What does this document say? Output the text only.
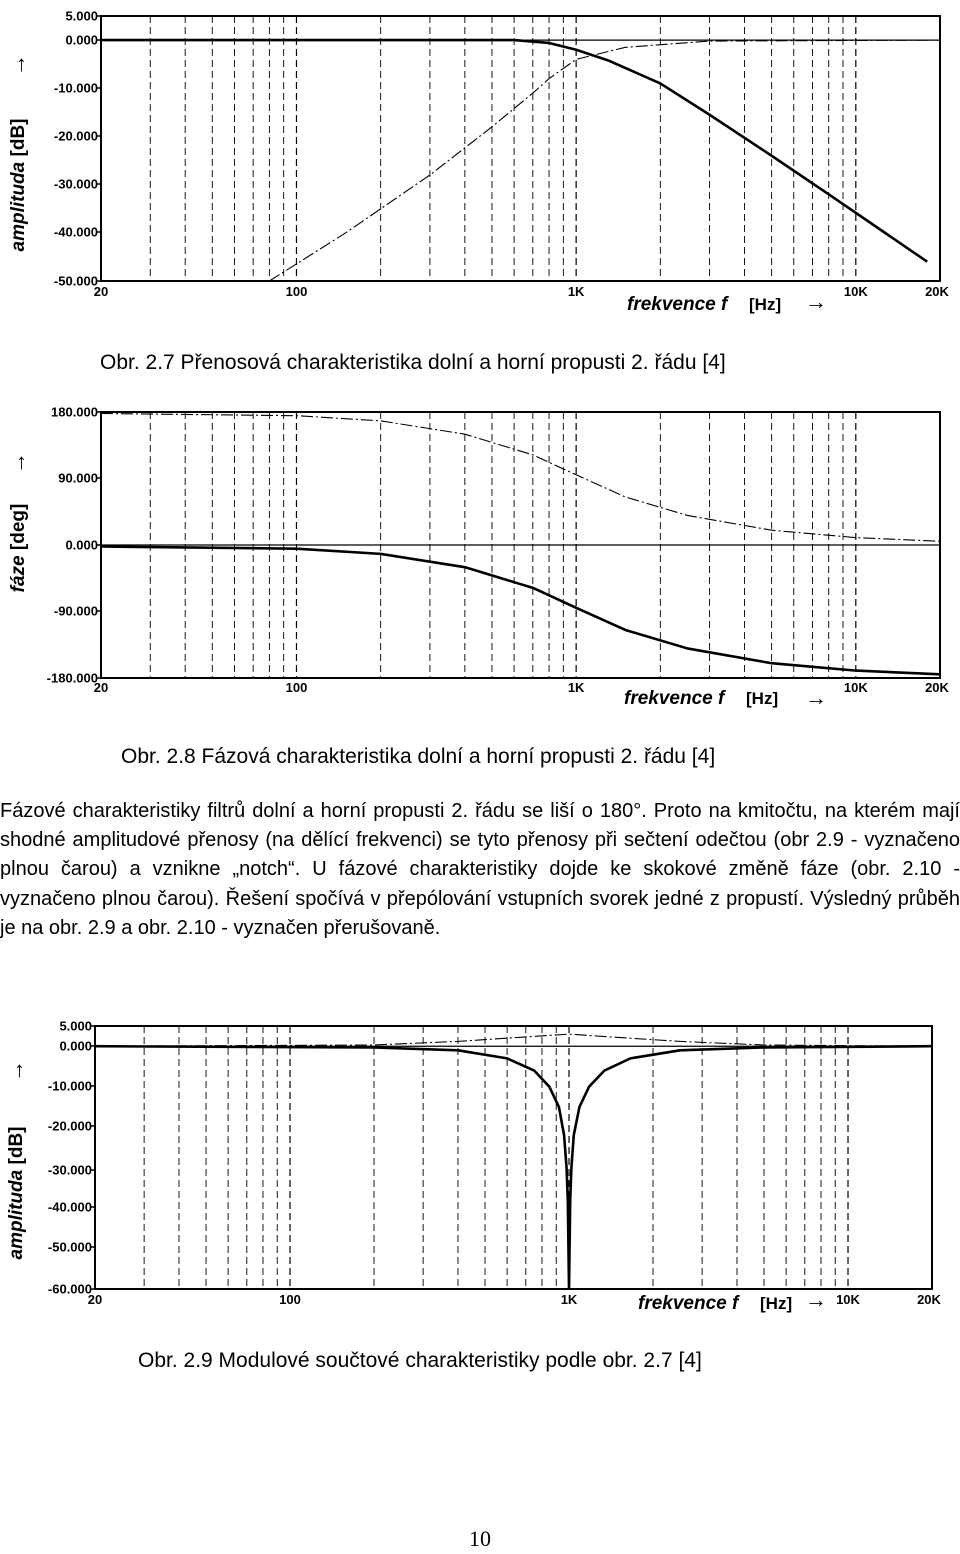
5.000
0.000
-10.000
-20.000
-30.000
-40.000
-50.000
20	100	1K	10K	20K
frekvence f [Hz] →
amplituda [dB]
→
Obr. 2.7 Přenosová charakteristika dolní a horní propusti 2. řádu [4]
180.000
90.000
0.000
-90.000
-180.000
20	100	1K	10K	20K
frekvence f [Hz] →
fáze [deg]
→
Obr. 2.8 Fázová charakteristika dolní a horní propusti 2. řádu [4]

Fázové charakteristiky filtrů dolní a horní propusti 2. řádu se liší o 180°. Proto na kmitočtu, na kterém mají shodné amplitudové přenosy (na dělící frekvenci) se tyto přenosy při sečtení odečtou (obr 2.9 - vyznačeno plnou čarou) a vznikne „notch“. U fázové charakteristiky dojde ke skokové změně fáze (obr. 2.10 - vyznačeno plnou čarou). Řešení spočívá v přepólování vstupních svorek jedné z propustí. Výsledný průběh je na obr. 2.9 a obr. 2.10 - vyznačen přerušovaně.

5.000
0.000
-10.000
-20.000
-30.000
-40.000
-50.000
-60.000
20	100	1K	10K	20K
frekvence f [Hz] →
amplituda [dB]
→
Obr. 2.9 Modulové součtové charakteristiky podle obr. 2.7 [4]
10
